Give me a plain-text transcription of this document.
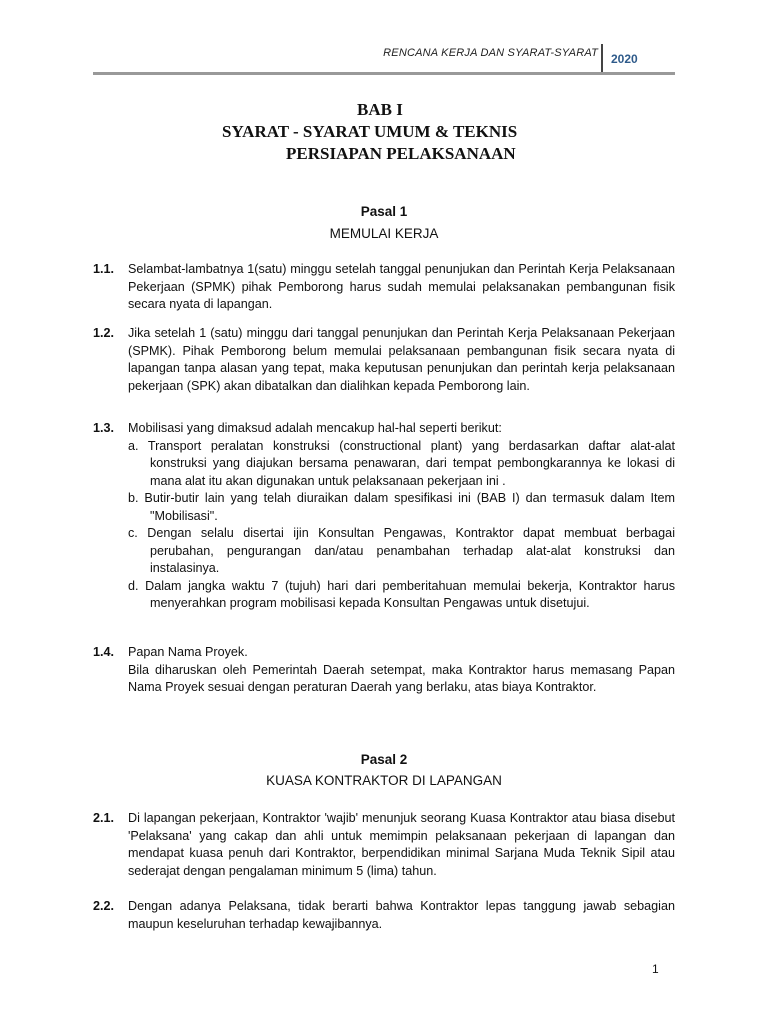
RENCANA KERJA DAN SYARAT-SYARAT 2020
BAB I
SYARAT - SYARAT UMUM & TEKNIS
PERSIAPAN PELAKSANAAN
Pasal 1
MEMULAI KERJA
1.1.	Selambat-lambatnya 1(satu) minggu setelah tanggal penunjukan dan Perintah Kerja Pelaksanaan Pekerjaan (SPMK) pihak Pemborong harus sudah memulai pelaksanakan pembangunan fisik secara nyata di lapangan.
1.2.	Jika setelah 1 (satu) minggu dari tanggal penunjukan dan Perintah Kerja Pelaksanaan Pekerjaan (SPMK). Pihak Pemborong belum memulai pelaksanaan pembangunan fisik secara nyata di lapangan tanpa alasan yang tepat, maka keputusan penunjukan dan perintah kerja pelaksanaan pekerjaan (SPK) akan dibatalkan dan dialihkan kepada Pemborong lain.
1.3.	Mobilisasi yang dimaksud adalah mencakup hal-hal seperti berikut:
a. Transport peralatan konstruksi (constructional plant) yang berdasarkan daftar alat-alat konstruksi yang diajukan bersama penawaran, dari tempat pembongkarannya ke lokasi di mana alat itu akan digunakan untuk pelaksanaan pekerjaan ini .
b. Butir-butir lain yang telah diuraikan dalam spesifikasi ini (BAB I) dan termasuk dalam Item "Mobilisasi".
c. Dengan selalu disertai ijin Konsultan Pengawas, Kontraktor dapat membuat berbagai perubahan, pengurangan dan/atau penambahan terhadap alat-alat konstruksi dan instalasinya.
d. Dalam jangka waktu 7 (tujuh) hari dari pemberitahuan memulai bekerja, Kontraktor harus menyerahkan program mobilisasi kepada Konsultan Pengawas untuk disetujui.
1.4.	Papan Nama Proyek.
Bila diharuskan oleh Pemerintah Daerah setempat, maka Kontraktor harus memasang Papan Nama Proyek sesuai dengan peraturan Daerah yang berlaku, atas biaya Kontraktor.
Pasal 2
KUASA KONTRAKTOR DI LAPANGAN
2.1.	Di lapangan pekerjaan, Kontraktor 'wajib' menunjuk seorang Kuasa Kontraktor atau biasa disebut 'Pelaksana' yang cakap dan ahli untuk memimpin pelaksanaan pekerjaan di lapangan dan mendapat kuasa penuh dari Kontraktor, berpendidikan minimal Sarjana Muda Teknik Sipil atau sederajat dengan pengalaman minimum 5 (lima) tahun.
2.2.	Dengan adanya Pelaksana, tidak berarti bahwa Kontraktor lepas tanggung jawab sebagian maupun keseluruhan terhadap kewajibannya.
1
